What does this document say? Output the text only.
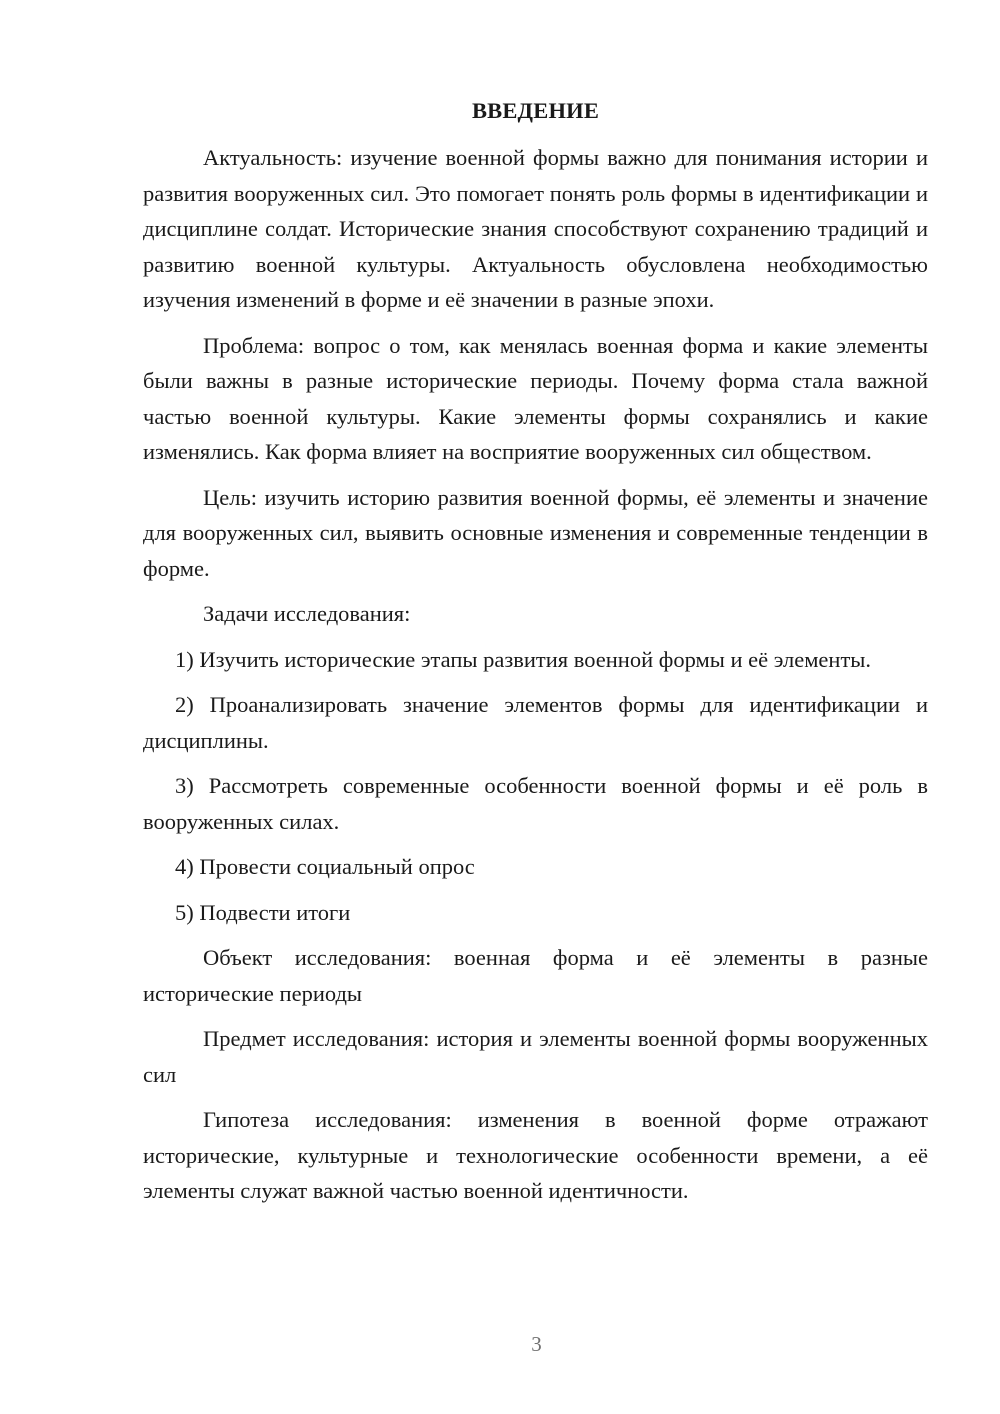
ВВЕДЕНИЕ

Актуальность: изучение военной формы важно для понимания истории и развития вооруженных сил. Это помогает понять роль формы в идентификации и дисциплине солдат. Исторические знания способствуют сохранению традиций и развитию военной культуры. Актуальность обусловлена необходимостью изучения изменений в форме и её значении в разные эпохи.

Проблема: вопрос о том, как менялась военная форма и какие элементы были важны в разные исторические периоды. Почему форма стала важной частью военной культуры. Какие элементы формы сохранялись и какие изменялись. Как форма влияет на восприятие вооруженных сил обществом.

Цель: изучить историю развития военной формы, её элементы и значение для вооруженных сил, выявить основные изменения и современные тенденции в форме.

Задачи исследования:

1) Изучить исторические этапы развития военной формы и её элементы.

2) Проанализировать значение элементов формы для идентификации и дисциплины.

3) Рассмотреть современные особенности военной формы и её роль в вооруженных силах.

4) Провести социальный опрос

5) Подвести итоги

Объект исследования: военная форма и её элементы в разные исторические периоды

Предмет исследования: история и элементы военной формы вооруженных сил

Гипотеза исследования: изменения в военной форме отражают исторические, культурные и технологические особенности времени, а её элементы служат важной частью военной идентичности.

3
